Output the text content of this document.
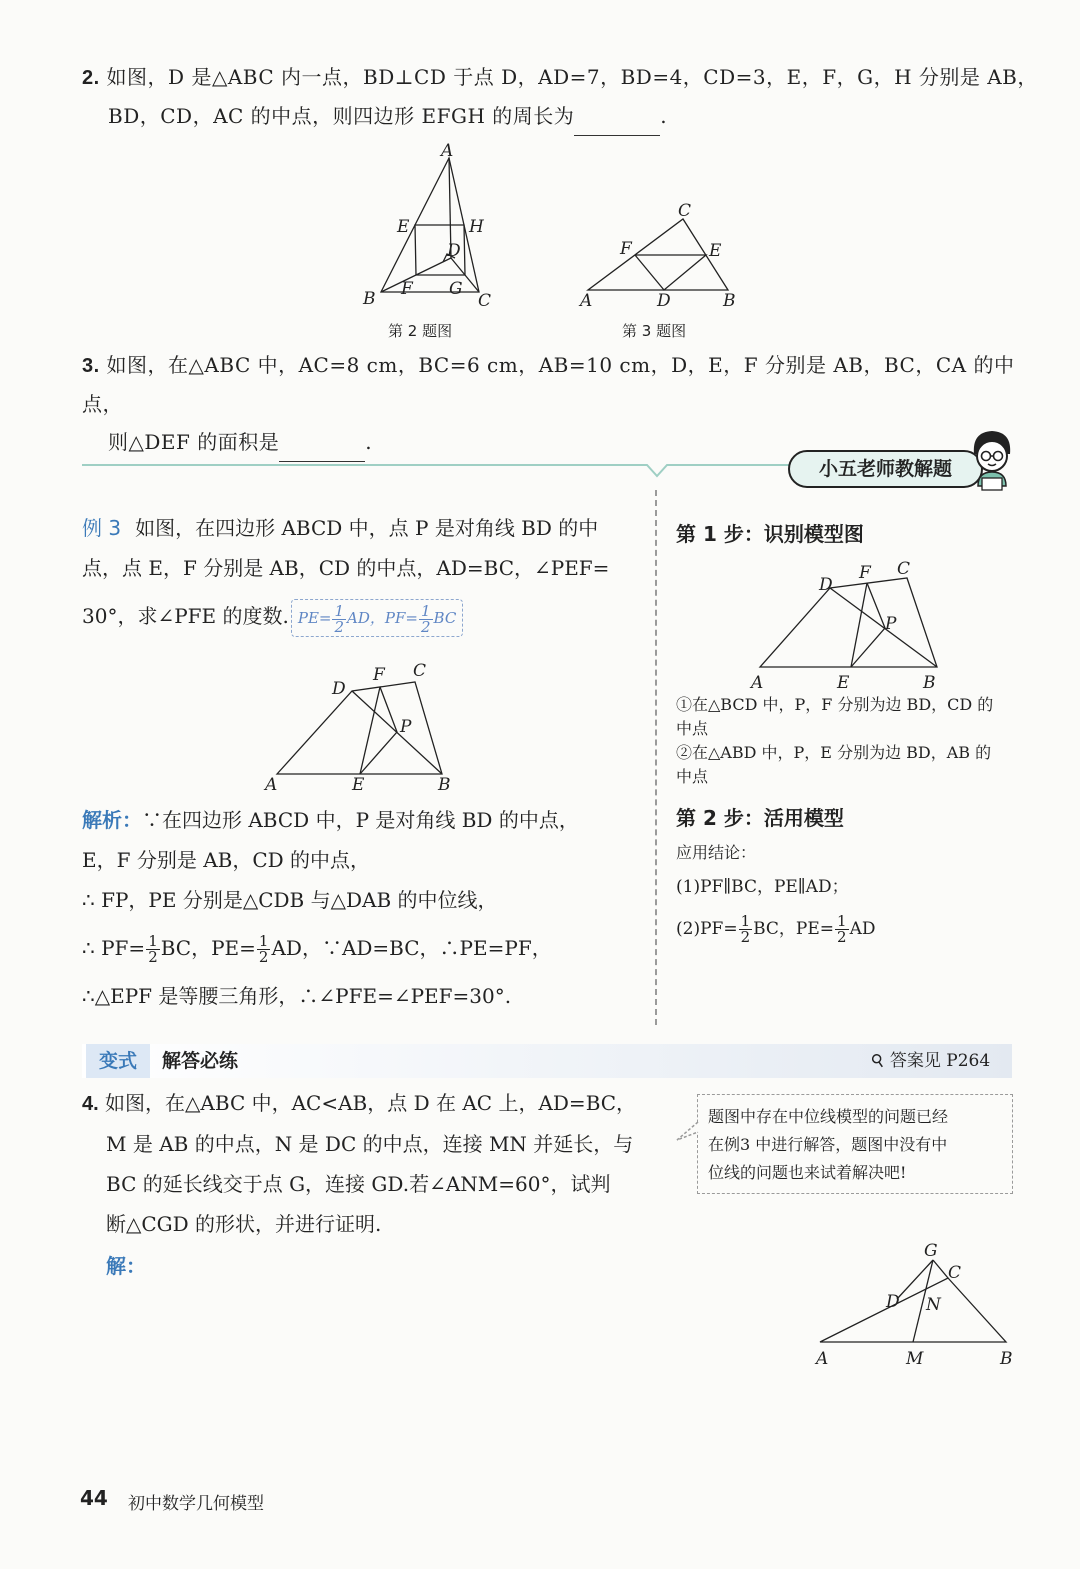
2. 如图，D 是△ABC 内一点，BD⊥CD 于点 D，AD=7，BD=4，CD=3，E，F，G，H 分别是 AB，
BD，CD，AC 的中点，则四边形 EFGH 的周长为	.
A
E	H
D
B F G
C
第 2 题图
C
F	E
A	D	B
第 3 题图
3. 如图，在△ABC 中，AC=8 cm，BC=6 cm，AB=10 cm，D，E，F 分别是 AB，BC，CA 的中点，
则△DEF 的面积是	.
小五老师教解题
例 3 如图，在四边形 ABCD 中，点 P 是对角线 BD 的中
点，点 E，F 分别是 AB，CD 的中点，AD=BC，∠PEF=
30°，求∠PFE 的度数. $PE= \frac{1}{2}$ AD，$PF= \frac{1}{2}$ BC
D
F C
P
A	E	B
解析：∵在四边形 ABCD 中，P 是对角线 BD 的中点，
E，F 分别是 AB，CD 的中点，
∴ FP，PE 分别是△CDB 与△DAB 的中位线，
∴ $PF= \frac{1}{2}$ BC，$PE= \frac{1}{2}$ AD，∵AD=BC，∴PE=PF，
∴△EPF 是等腰三角形，∴∠PFE=∠PEF=30°.
第 1 步：识别模型图
D
F C
P
A	E	B
①在△BCD 中，P，F 分别为边 BD，CD 的
中点
②在△ABD 中，P，E 分别为边 BD，AB 的
中点
第 2 步：活用模型
应用结论：
(1)PF∥BC，PE∥AD；
$(2)PF= \frac{1}{2}$ BC，$PE= \frac{1}{2}$ AD
变式	解答必练	⚲ 答案见 P264
4. 如图，在△ABC 中，AC<AB，点 D 在 AC 上，AD=BC，
M 是 AB 的中点，N 是 DC 的中点，连接 MN 并延长，与
BC 的延长线交于点 G，连接 GD.若∠ANM=60°，试判
断△CGD 的形状，并进行证明.
解：
题图中存在中位线模型的问题已经
在例3 中进行解答，题图中没有中
位线的问题也来试着解决吧!
G
C
D N
A	M	B
44 初中数学几何模型
